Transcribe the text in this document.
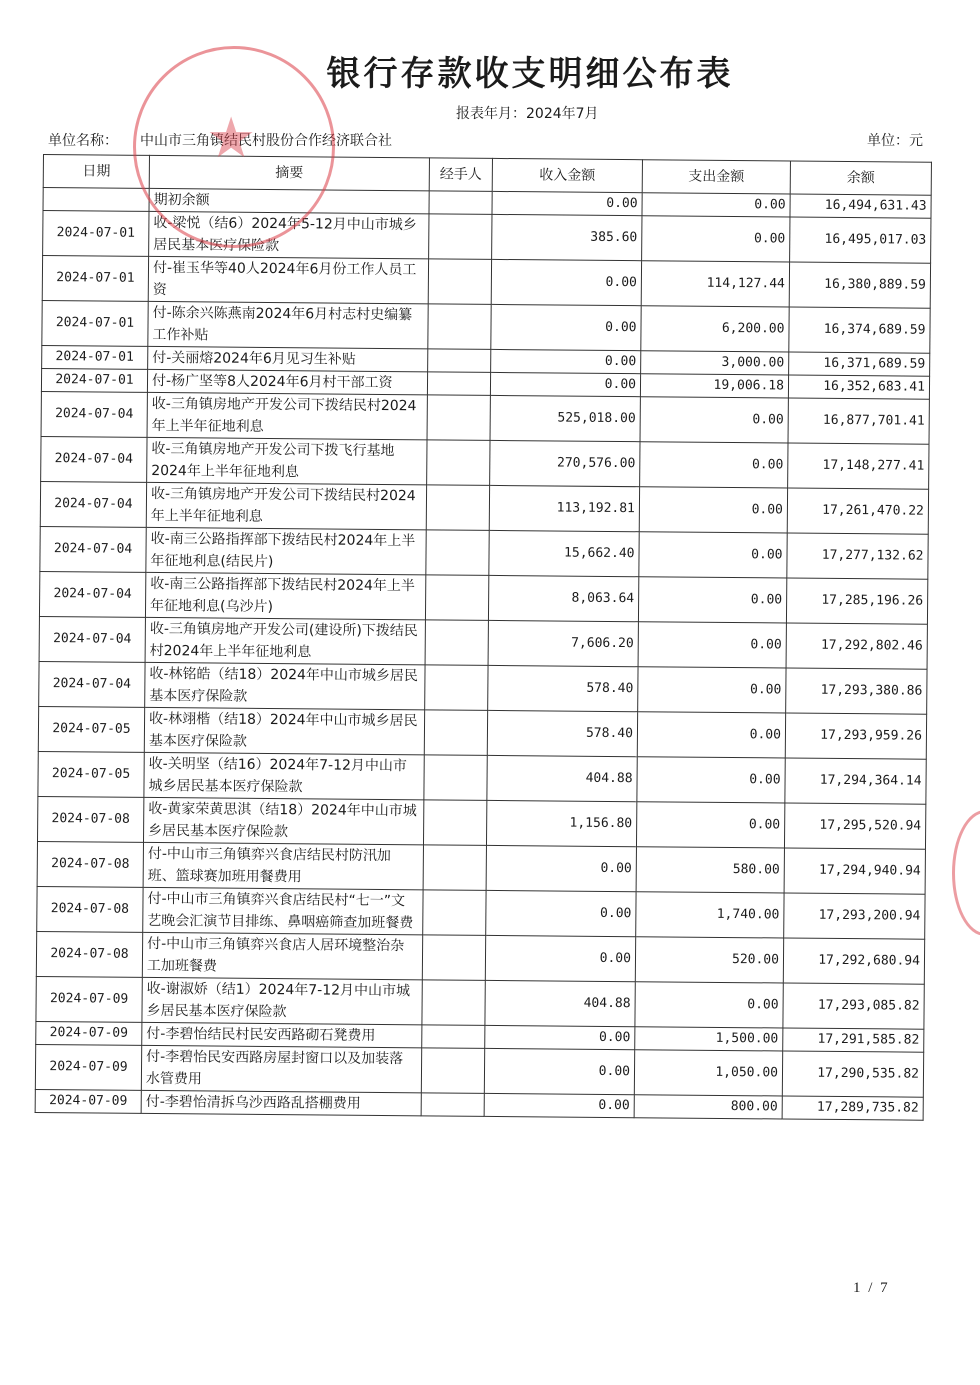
银行存款收支明细公布表
报表年月：2024年7月
单位名称： 中山市三角镇结民村股份合作经济联合社	单位：元
日期	摘要	经手人	收入金额	支出金额	余额
	期初余额		0.00	0.00	16,494,631.43
2024-07-01	收-梁悦（结6）2024年5-12月中山市城乡居民基本医疗保险款		385.60	0.00	16,495,017.03
2024-07-01	付-崔玉华等40人2024年6月份工作人员工资		0.00	114,127.44	16,380,889.59
2024-07-01	付-陈余兴陈燕南2024年6月村志村史编纂工作补贴		0.00	6,200.00	16,374,689.59
2024-07-01	付-关丽熔2024年6月见习生补贴		0.00	3,000.00	16,371,689.59
2024-07-01	付-杨广坚等8人2024年6月村干部工资		0.00	19,006.18	16,352,683.41
2024-07-04	收-三角镇房地产开发公司下拨结民村2024年上半年征地利息		525,018.00	0.00	16,877,701.41
2024-07-04	收-三角镇房地产开发公司下拨飞行基地2024年上半年征地利息		270,576.00	0.00	17,148,277.41
2024-07-04	收-三角镇房地产开发公司下拨结民村2024年上半年征地利息		113,192.81	0.00	17,261,470.22
2024-07-04	收-南三公路指挥部下拨结民村2024年上半年征地利息(结民片)		15,662.40	0.00	17,277,132.62
2024-07-04	收-南三公路指挥部下拨结民村2024年上半年征地利息(乌沙片)		8,063.64	0.00	17,285,196.26
2024-07-04	收-三角镇房地产开发公司(建设所)下拨结民村2024年上半年征地利息		7,606.20	0.00	17,292,802.46
2024-07-04	收-林铭皓（结18）2024年中山市城乡居民基本医疗保险款		578.40	0.00	17,293,380.86
2024-07-05	收-林翊楷（结18）2024年中山市城乡居民基本医疗保险款		578.40	0.00	17,293,959.26
2024-07-05	收-关明坚（结16）2024年7-12月中山市城乡居民基本医疗保险款		404.88	0.00	17,294,364.14
2024-07-08	收-黄家荣黄思淇（结18）2024年中山市城乡居民基本医疗保险款		1,156.80	0.00	17,295,520.94
2024-07-08	付-中山市三角镇弈兴食店结民村防汛加班、篮球赛加班用餐费用		0.00	580.00	17,294,940.94
2024-07-08	付-中山市三角镇弈兴食店结民村“七一”文艺晚会汇演节目排练、鼻咽癌筛查加班餐费		0.00	1,740.00	17,293,200.94
2024-07-08	付-中山市三角镇弈兴食店人居环境整治杂工加班餐费		0.00	520.00	17,292,680.94
2024-07-09	收-谢淑娇（结1）2024年7-12月中山市城乡居民基本医疗保险款		404.88	0.00	17,293,085.82
2024-07-09	付-李碧怡结民村民安西路砌石凳费用		0.00	1,500.00	17,291,585.82
2024-07-09	付-李碧怡民安西路房屋封窗口以及加装落水管费用		0.00	1,050.00	17,290,535.82
2024-07-09	付-李碧怡清拆乌沙西路乱搭棚费用		0.00	800.00	17,289,735.82
★
1 / 7
